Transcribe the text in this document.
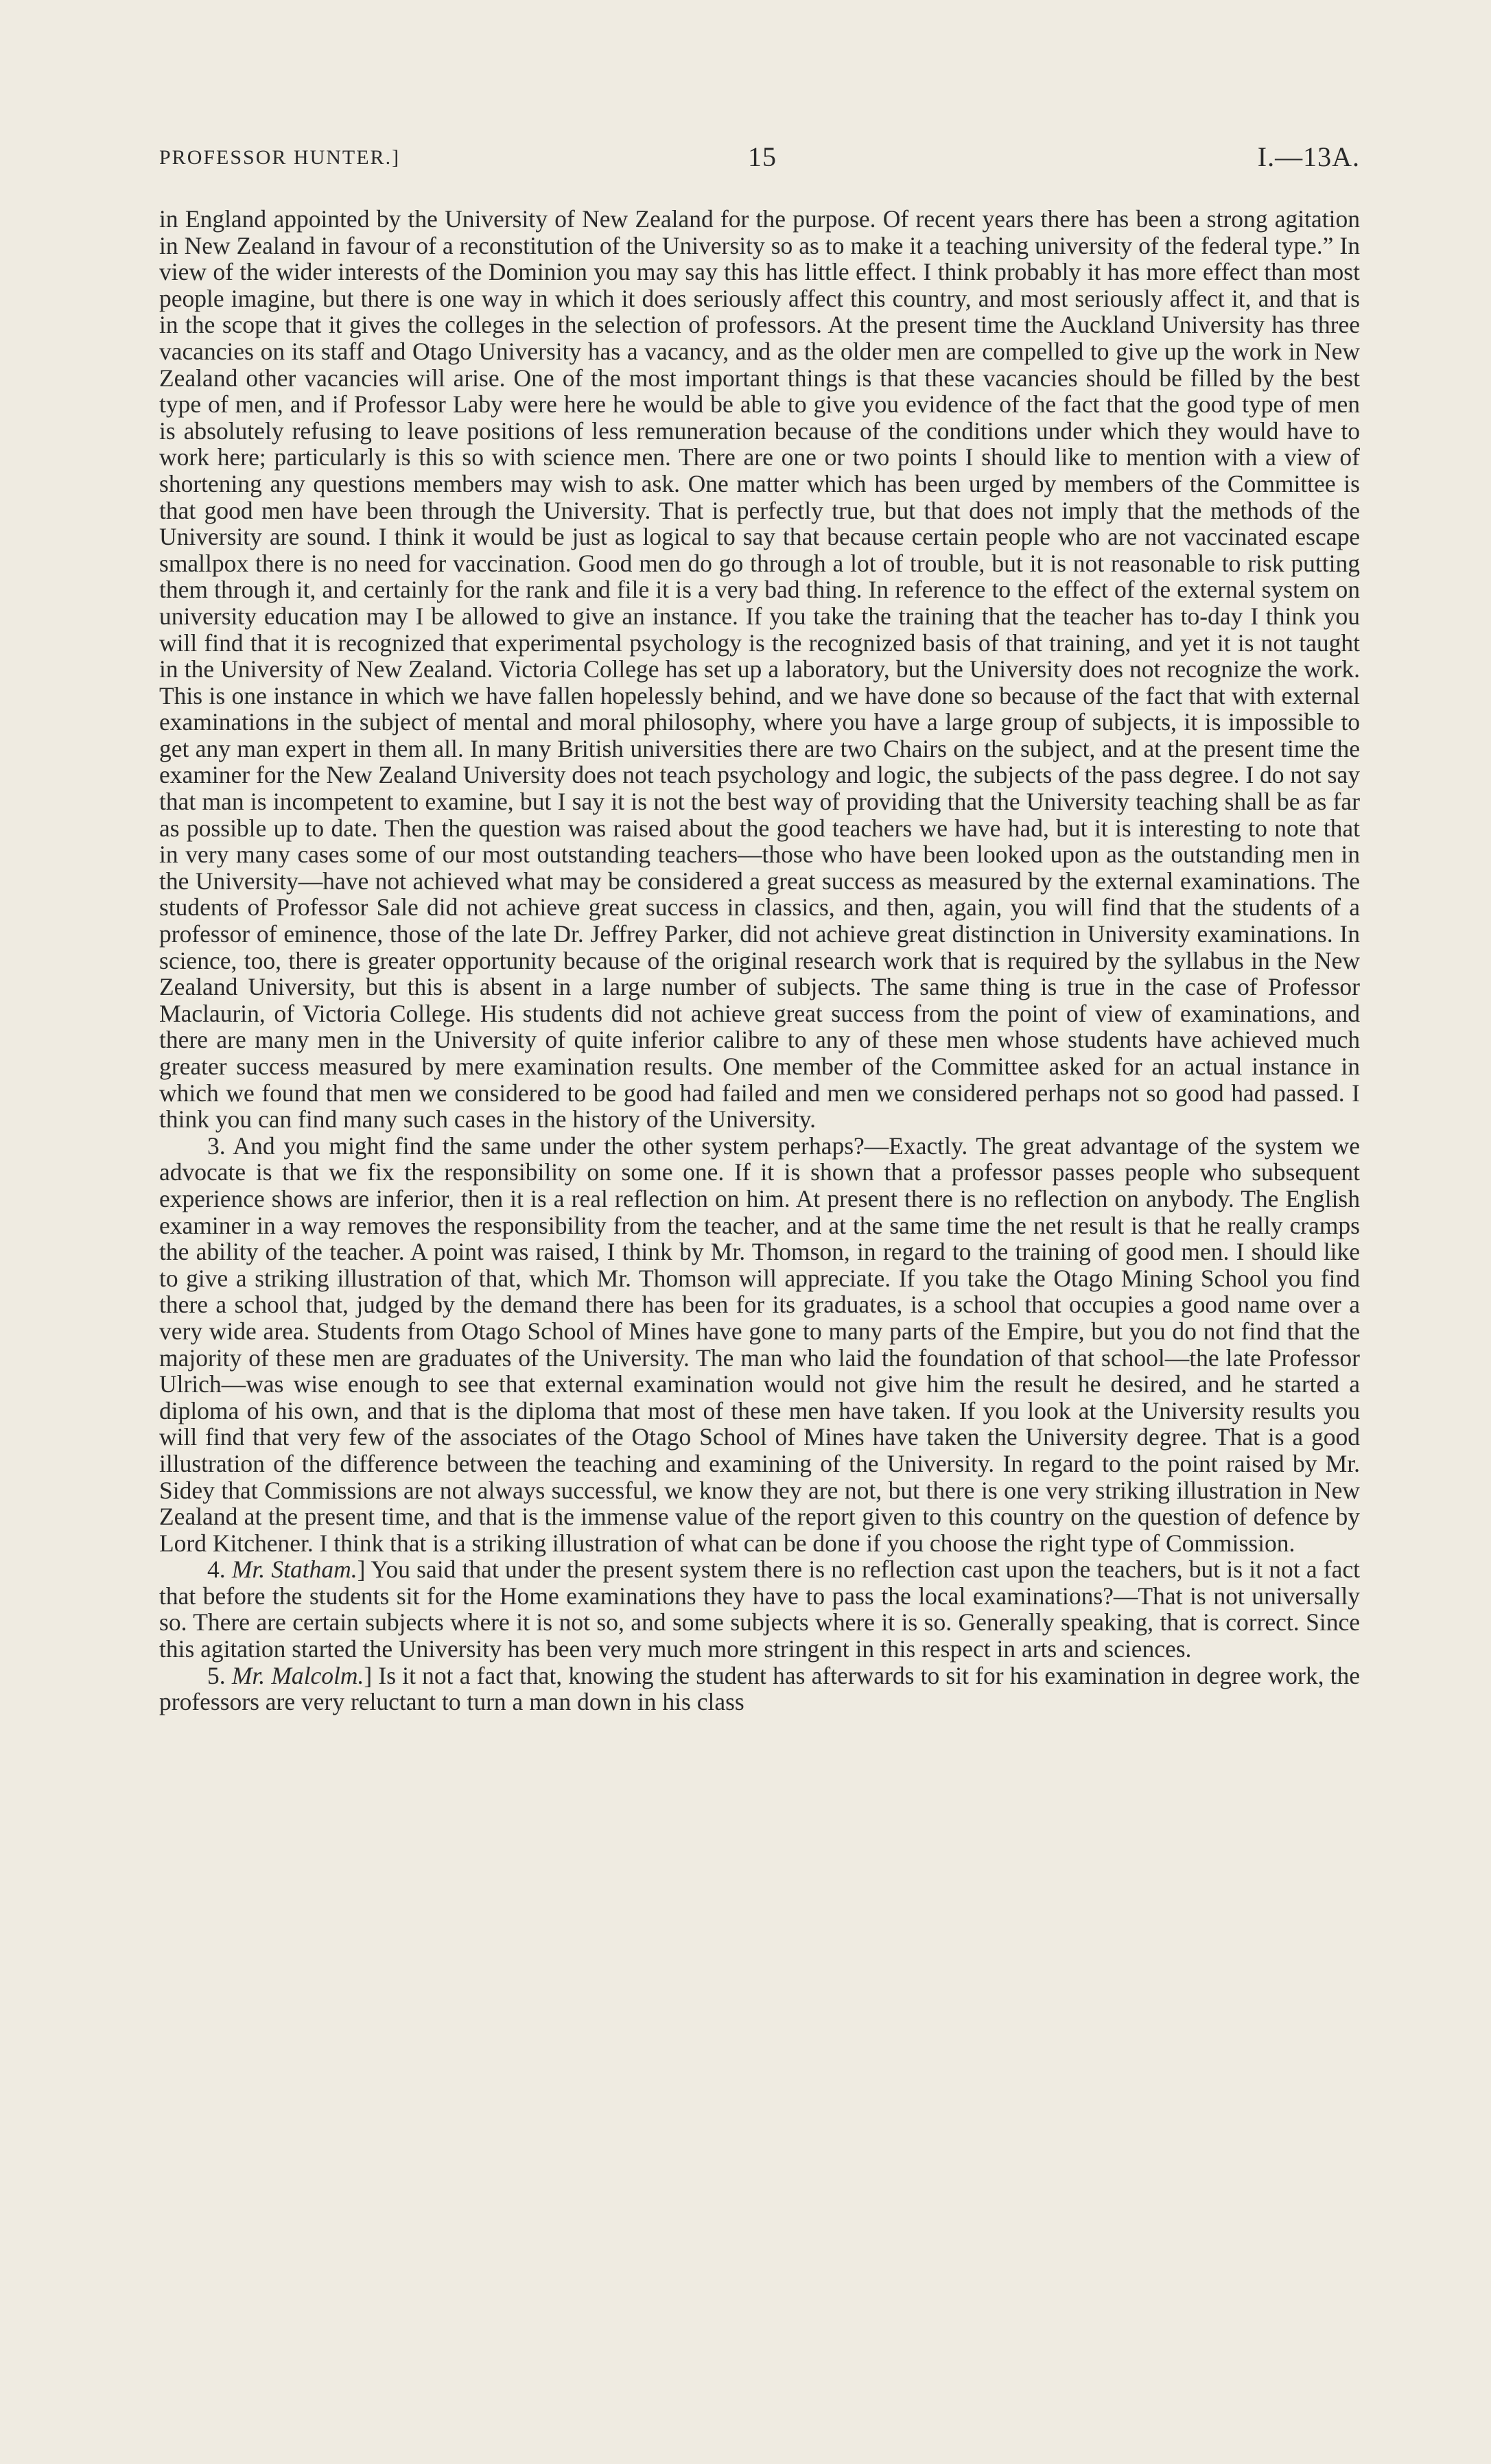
PROFESSOR HUNTER.]	15	I.—13A.

in England appointed by the University of New Zealand for the purpose. Of recent years there has been a strong agitation in New Zealand in favour of a reconstitution of the University so as to make it a teaching university of the federal type.” In view of the wider interests of the Dominion you may say this has little effect. I think probably it has more effect than most people imagine, but there is one way in which it does seriously affect this country, and most seriously affect it, and that is in the scope that it gives the colleges in the selection of professors. At the present time the Auckland University has three vacancies on its staff and Otago University has a vacancy, and as the older men are compelled to give up the work in New Zealand other vacancies will arise. One of the most important things is that these vacancies should be filled by the best type of men, and if Professor Laby were here he would be able to give you evidence of the fact that the good type of men is absolutely refusing to leave positions of less remuneration because of the conditions under which they would have to work here; particularly is this so with science men. There are one or two points I should like to mention with a view of shortening any questions members may wish to ask. One matter which has been urged by members of the Committee is that good men have been through the University. That is perfectly true, but that does not imply that the methods of the University are sound. I think it would be just as logical to say that because certain people who are not vaccinated escape smallpox there is no need for vaccination. Good men do go through a lot of trouble, but it is not reasonable to risk putting them through it, and certainly for the rank and file it is a very bad thing. In reference to the effect of the external system on university education may I be allowed to give an instance. If you take the training that the teacher has to-day I think you will find that it is recognized that experimental psychology is the recognized basis of that training, and yet it is not taught in the University of New Zealand. Victoria College has set up a laboratory, but the University does not recognize the work. This is one instance in which we have fallen hopelessly behind, and we have done so because of the fact that with external examinations in the subject of mental and moral philosophy, where you have a large group of subjects, it is impossible to get any man expert in them all. In many British universities there are two Chairs on the subject, and at the present time the examiner for the New Zealand University does not teach psychology and logic, the subjects of the pass degree. I do not say that man is incompetent to examine, but I say it is not the best way of providing that the University teaching shall be as far as possible up to date. Then the question was raised about the good teachers we have had, but it is interesting to note that in very many cases some of our most outstanding teachers—those who have been looked upon as the outstanding men in the University—have not achieved what may be considered a great success as measured by the external examinations. The students of Professor Sale did not achieve great success in classics, and then, again, you will find that the students of a professor of eminence, those of the late Dr. Jeffrey Parker, did not achieve great distinction in University examinations. In science, too, there is greater opportunity because of the original research work that is required by the syllabus in the New Zealand University, but this is absent in a large number of subjects. The same thing is true in the case of Professor Maclaurin, of Victoria College. His students did not achieve great success from the point of view of examinations, and there are many men in the University of quite inferior calibre to any of these men whose students have achieved much greater success measured by mere examination results. One member of the Committee asked for an actual instance in which we found that men we considered to be good had failed and men we considered perhaps not so good had passed. I think you can find many such cases in the history of the University.

3. And you might find the same under the other system perhaps?—Exactly. The great advantage of the system we advocate is that we fix the responsibility on some one. If it is shown that a professor passes people who subsequent experience shows are inferior, then it is a real reflection on him. At present there is no reflection on anybody. The English examiner in a way removes the responsibility from the teacher, and at the same time the net result is that he really cramps the ability of the teacher. A point was raised, I think by Mr. Thomson, in regard to the training of good men. I should like to give a striking illustration of that, which Mr. Thomson will appreciate. If you take the Otago Mining School you find there a school that, judged by the demand there has been for its graduates, is a school that occupies a good name over a very wide area. Students from Otago School of Mines have gone to many parts of the Empire, but you do not find that the majority of these men are graduates of the University. The man who laid the foundation of that school—the late Professor Ulrich—was wise enough to see that external examination would not give him the result he desired, and he started a diploma of his own, and that is the diploma that most of these men have taken. If you look at the University results you will find that very few of the associates of the Otago School of Mines have taken the University degree. That is a good illustration of the difference between the teaching and examining of the University. In regard to the point raised by Mr. Sidey that Commissions are not always successful, we know they are not, but there is one very striking illustration in New Zealand at the present time, and that is the immense value of the report given to this country on the question of defence by Lord Kitchener. I think that is a striking illustration of what can be done if you choose the right type of Commission.

4. Mr. Statham.] You said that under the present system there is no reflection cast upon the teachers, but is it not a fact that before the students sit for the Home examinations they have to pass the local examinations?—That is not universally so. There are certain subjects where it is not so, and some subjects where it is so. Generally speaking, that is correct. Since this agitation started the University has been very much more stringent in this respect in arts and sciences.

5. Mr. Malcolm.] Is it not a fact that, knowing the student has afterwards to sit for his examination in degree work, the professors are very reluctant to turn a man down in his class
